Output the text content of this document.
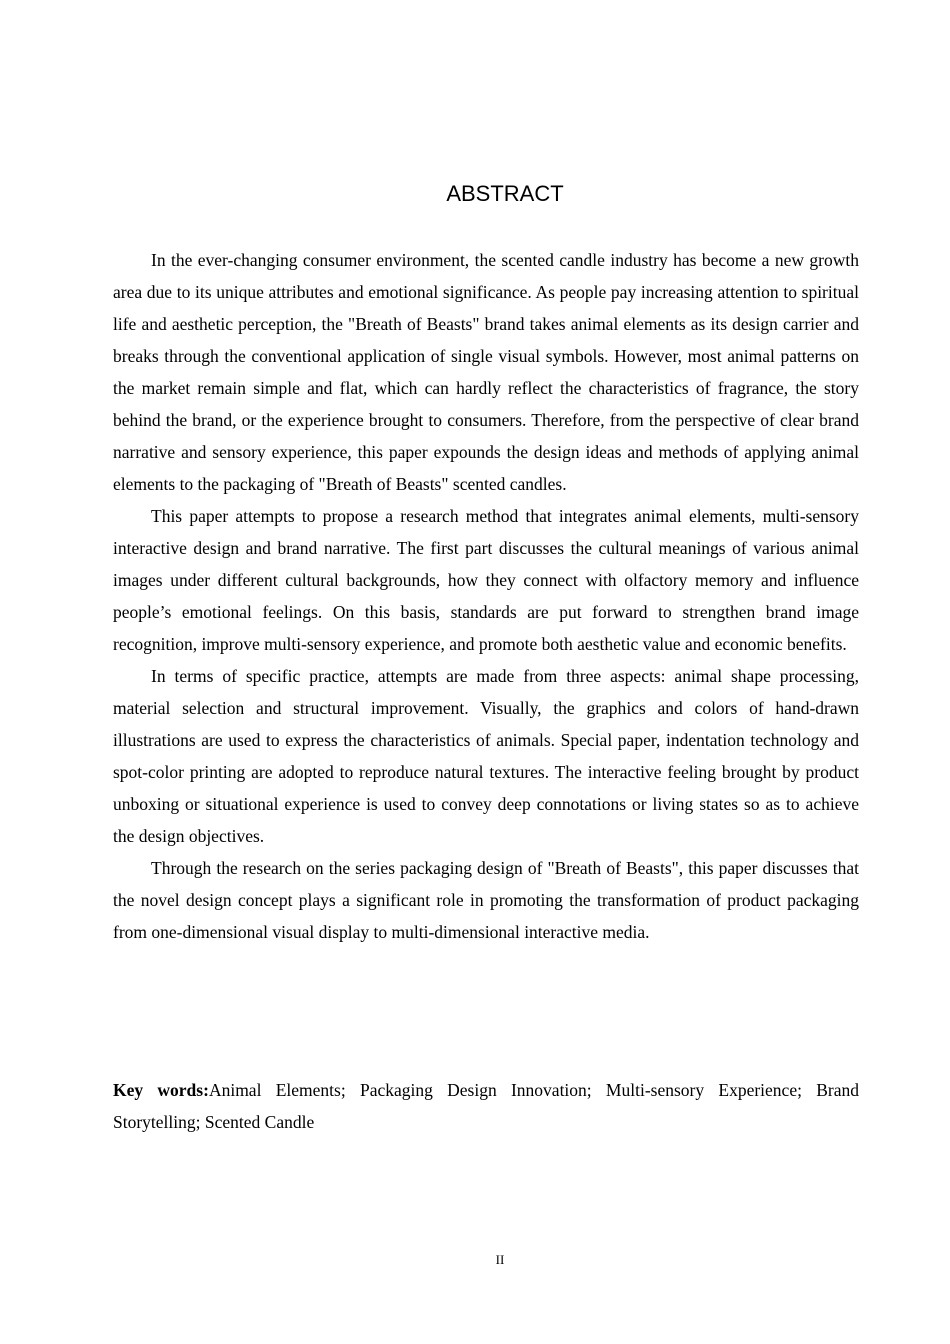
ABSTRACT

In the ever-changing consumer environment, the scented candle industry has become a new growth area due to its unique attributes and emotional significance. As people pay increasing attention to spiritual life and aesthetic perception, the "Breath of Beasts" brand takes animal elements as its design carrier and breaks through the conventional application of single visual symbols. However, most animal patterns on the market remain simple and flat, which can hardly reflect the characteristics of fragrance, the story behind the brand, or the experience brought to consumers. Therefore, from the perspective of clear brand narrative and sensory experience, this paper expounds the design ideas and methods of applying animal elements to the packaging of "Breath of Beasts" scented candles.

This paper attempts to propose a research method that integrates animal elements, multi-sensory interactive design and brand narrative. The first part discusses the cultural meanings of various animal images under different cultural backgrounds, how they connect with olfactory memory and influence people’s emotional feelings. On this basis, standards are put forward to strengthen brand image recognition, improve multi-sensory experience, and promote both aesthetic value and economic benefits.

In terms of specific practice, attempts are made from three aspects: animal shape processing, material selection and structural improvement. Visually, the graphics and colors of hand-drawn illustrations are used to express the characteristics of animals. Special paper, indentation technology and spot-color printing are adopted to reproduce natural textures. The interactive feeling brought by product unboxing or situational experience is used to convey deep connotations or living states so as to achieve the design objectives.

Through the research on the series packaging design of "Breath of Beasts", this paper discusses that the novel design concept plays a significant role in promoting the transformation of product packaging from one-dimensional visual display to multi-dimensional interactive media.

Key words:Animal Elements; Packaging Design Innovation; Multi-sensory Experience; Brand Storytelling; Scented Candle

II
